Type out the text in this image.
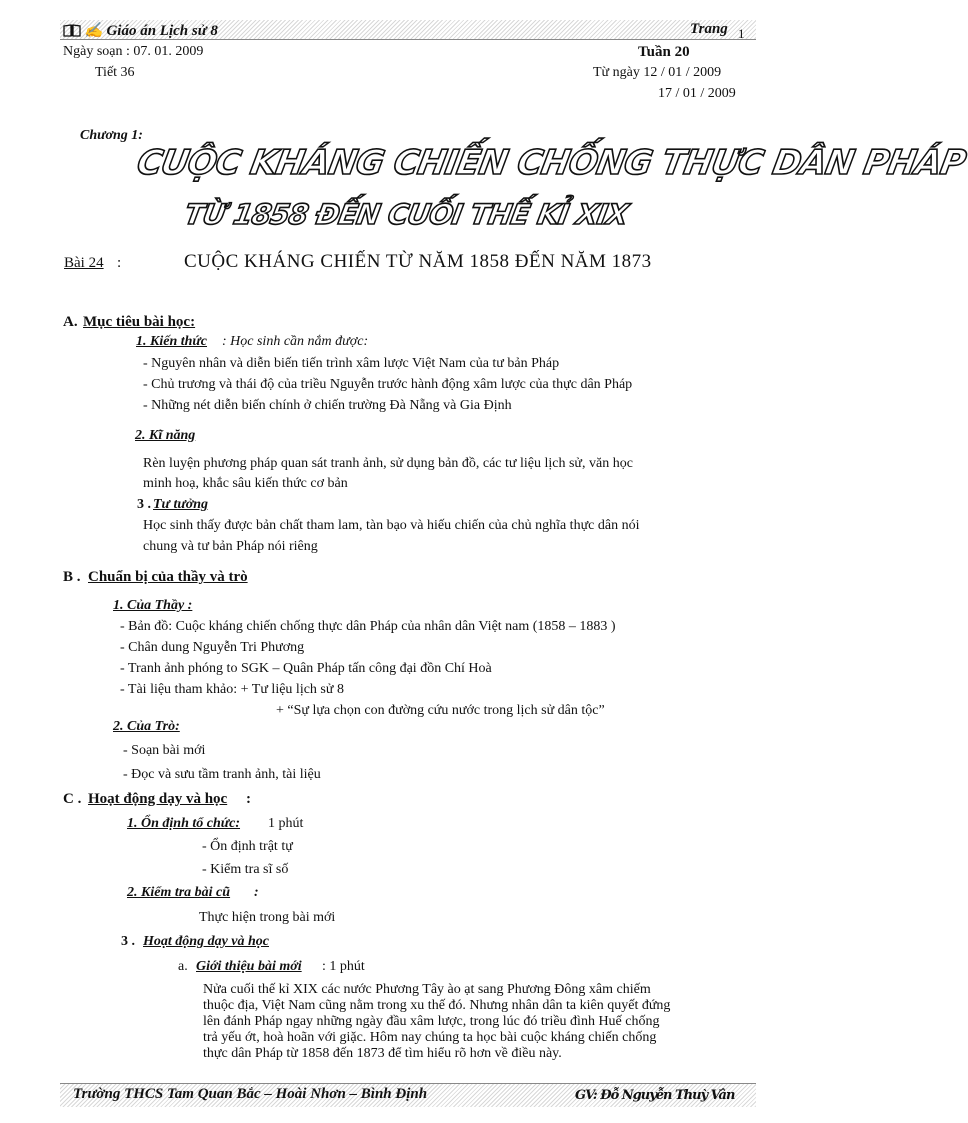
✍ Giáo án Lịch sử 8	Trang 1
Ngày soạn : 07. 01. 2009
Tiết 36
Tuần 20
Từ ngày 12 / 01 / 2009
17 / 01 / 2009
Chương 1:
CUỘC KHÁNG CHIẾN CHỐNG THỰC DÂN PHÁP
TỪ 1858 ĐẾN CUỐI THẾ KỈ XIX
Bài 24 :	CUỘC KHÁNG CHIẾN TỪ NĂM 1858 ĐẾN NĂM 1873
A. Mục tiêu bài học:
1. Kiến thức : Học sinh cần nắm được:
- Nguyên nhân và diễn biến tiến trình xâm lược Việt Nam của tư bản Pháp
- Chủ trương và thái độ của triều Nguyễn trước hành động xâm lược của thực dân Pháp
- Những nét diễn biến chính ở chiến trường Đà Nẵng và Gia Định
2. Kĩ năng
Rèn luyện phương pháp quan sát tranh ảnh, sử dụng bản đồ, các tư liệu lịch sử, văn học
minh hoạ, khắc sâu kiến thức cơ bản
3 . Tư tưởng
Học sinh thấy được bản chất tham lam, tàn bạo và hiếu chiến của chủ nghĩa thực dân nói
chung và tư bản Pháp nói riêng
B . Chuẩn bị của thầy và trò
1. Của Thầy :
- Bản đồ: Cuộc kháng chiến chống thực dân Pháp của nhân dân Việt nam (1858 – 1883 )
- Chân dung Nguyễn Tri Phương
- Tranh ảnh phóng to SGK – Quân Pháp tấn công đại đồn Chí Hoà
- Tài liệu tham khảo: + Tư liệu lịch sử 8
+ “Sự lựa chọn con đường cứu nước trong lịch sử dân tộc”
2. Của Trò:
- Soạn bài mới
- Đọc và sưu tầm tranh ảnh, tài liệu
C . Hoạt động dạy và học :
1. Ổn định tổ chức: 1 phút
- Ổn định trật tự
- Kiểm tra sĩ số
2. Kiểm tra bài cũ :
Thực hiện trong bài mới
3 . Hoạt động dạy và học
a. Giới thiệu bài mới : 1 phút
Nửa cuối thế kỉ XIX các nước Phương Tây ào ạt sang Phương Đông xâm chiếm
thuộc địa, Việt Nam cũng nằm trong xu thế đó. Nhưng nhân dân ta kiên quyết đứng
lên đánh Pháp ngay những ngày đầu xâm lược, trong lúc đó triều đình Huế chống
trả yếu ớt, hoà hoãn với giặc. Hôm nay chúng ta học bài cuộc kháng chiến chống
thực dân Pháp từ 1858 đến 1873 để tìm hiểu rõ hơn về điều này.
Trường THCS Tam Quan Bắc – Hoài Nhơn – Bình Định	GV: Đỗ Nguyễn Thuỳ Vân
